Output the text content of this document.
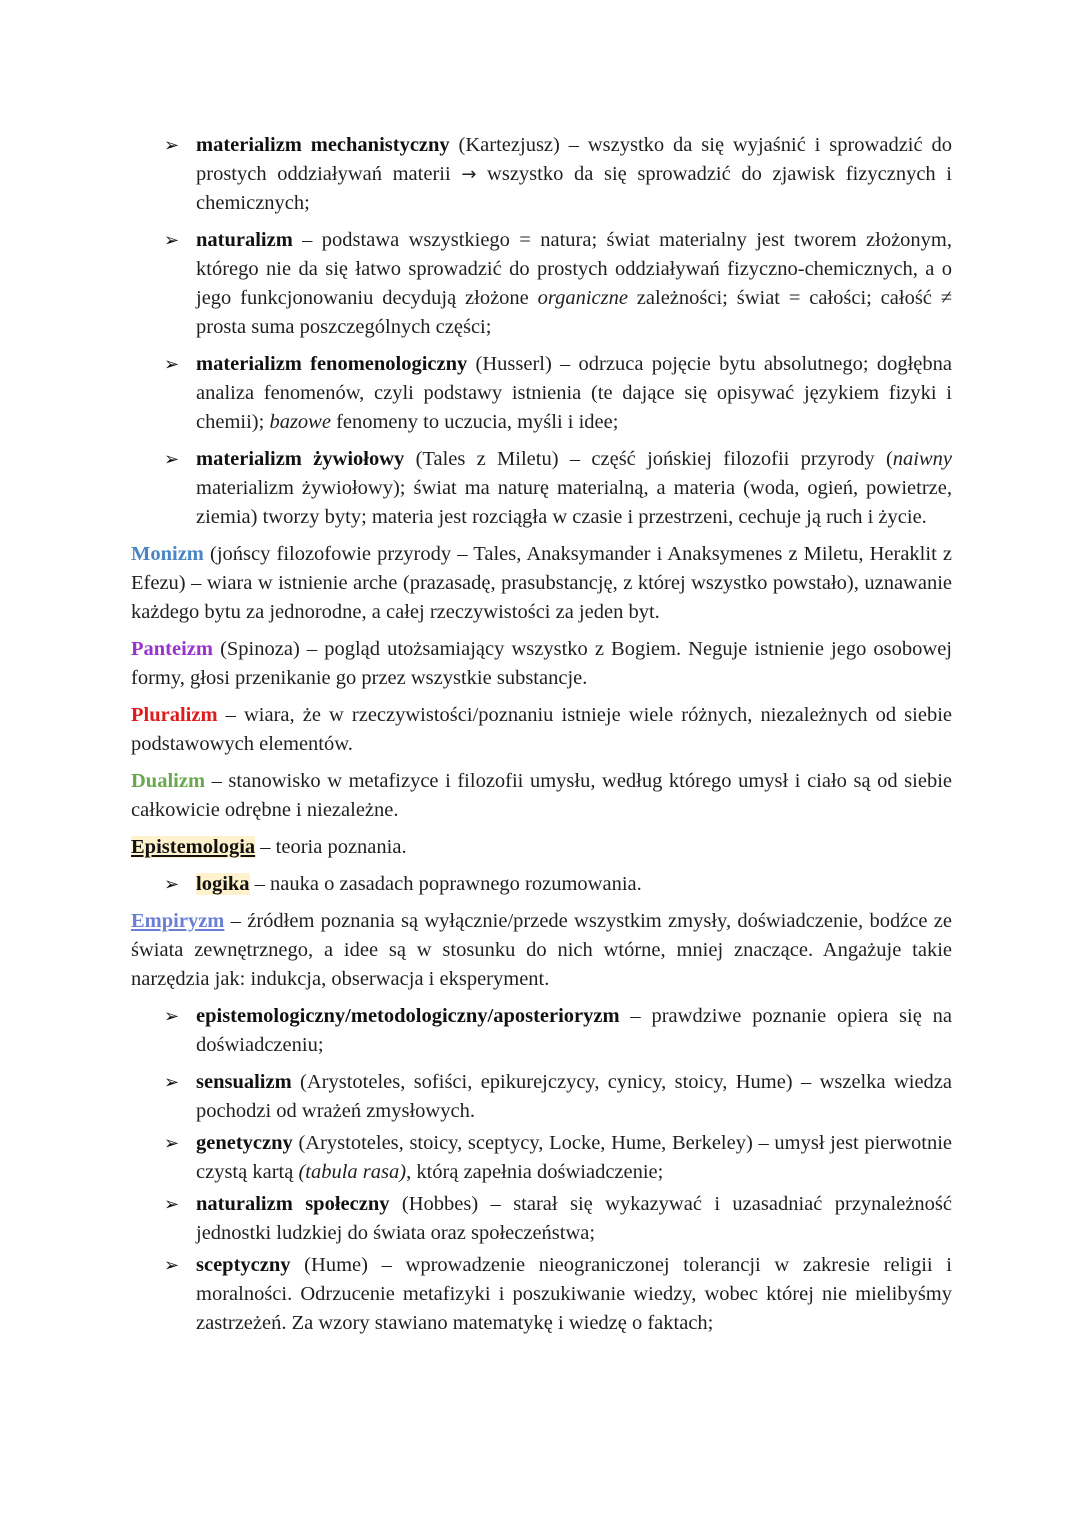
➢ materializm mechanistyczny (Kartezjusz) – wszystko da się wyjaśnić i sprowadzić do prostych oddziaływań materii → wszystko da się sprowadzić do zjawisk fizycznych i chemicznych;
➢ naturalizm – podstawa wszystkiego = natura; świat materialny jest tworem złożonym, którego nie da się łatwo sprowadzić do prostych oddziaływań fizyczno-chemicznych, a o jego funkcjonowaniu decydują złożone organiczne zależności; świat = całości; całość ≠ prosta suma poszczególnych części;
➢ materializm fenomenologiczny (Husserl) – odrzuca pojęcie bytu absolutnego; dogłębna analiza fenomenów, czyli podstawy istnienia (te dające się opisywać językiem fizyki i chemii); bazowe fenomeny to uczucia, myśli i idee;
➢ materializm żywiołowy (Tales z Miletu) – część jońskiej filozofii przyrody (naiwny materializm żywiołowy); świat ma naturę materialną, a materia (woda, ogień, powietrze, ziemia) tworzy byty; materia jest rozciągła w czasie i przestrzeni, cechuje ją ruch i życie.

Monizm (jońscy filozofowie przyrody – Tales, Anaksymander i Anaksymenes z Miletu, Heraklit z Efezu) – wiara w istnienie arche (prazasadę, prasubstancję, z której wszystko powstało), uznawanie każdego bytu za jednorodne, a całej rzeczywistości za jeden byt.

Panteizm (Spinoza) – pogląd utożsamiający wszystko z Bogiem. Neguje istnienie jego osobowej formy, głosi przenikanie go przez wszystkie substancje.

Pluralizm – wiara, że w rzeczywistości/poznaniu istnieje wiele różnych, niezależnych od siebie podstawowych elementów.

Dualizm – stanowisko w metafizyce i filozofii umysłu, według którego umysł i ciało są od siebie całkowicie odrębne i niezależne.

Epistemologia – teoria poznania.

➢ logika – nauka o zasadach poprawnego rozumowania.

Empiryzm – źródłem poznania są wyłącznie/przede wszystkim zmysły, doświadczenie, bodźce ze świata zewnętrznego, a idee są w stosunku do nich wtórne, mniej znaczące. Angażuje takie narzędzia jak: indukcja, obserwacja i eksperyment.

➢ epistemologiczny/metodologiczny/aposterioryzm – prawdziwe poznanie opiera się na doświadczeniu;
➢ sensualizm (Arystoteles, sofiści, epikurejczycy, cynicy, stoicy, Hume) – wszelka wiedza pochodzi od wrażeń zmysłowych.
➢ genetyczny (Arystoteles, stoicy, sceptycy, Locke, Hume, Berkeley) – umysł jest pierwotnie czystą kartą (tabula rasa), którą zapełnia doświadczenie;
➢ naturalizm społeczny (Hobbes) – starał się wykazywać i uzasadniać przynależność jednostki ludzkiej do świata oraz społeczeństwa;
➢ sceptyczny (Hume) – wprowadzenie nieograniczonej tolerancji w zakresie religii i moralności. Odrzucenie metafizyki i poszukiwanie wiedzy, wobec której nie mielibyśmy zastrzeżeń. Za wzory stawiano matematykę i wiedzę o faktach;
